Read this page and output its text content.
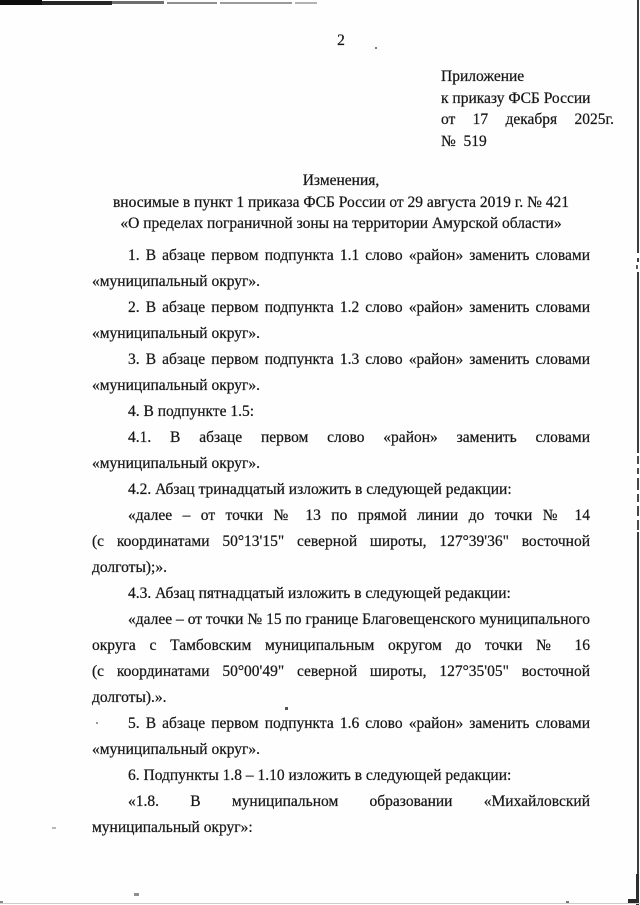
2
Приложение
к приказу ФСБ России
от 17 декабря 2025г.
№  519
Изменения,
вносимые в пункт 1 приказа ФСБ России от 29 августа 2019 г. № 421
«О пределах пограничной зоны на территории Амурской области»

1. В абзаце первом подпункта 1.1 слово «район» заменить словами «муниципальный округ».

2. В абзаце первом подпункта 1.2 слово «район» заменить словами «муниципальный округ».

3. В абзаце первом подпункта 1.3 слово «район» заменить словами «муниципальный округ».

4. В подпункте 1.5:

4.1. В абзаце первом слово «район» заменить словами «муниципальный округ».

4.2. Абзац тринадцатый изложить в следующей редакции:

«далее – от точки № 13 по прямой линии до точки № 14 (с координатами 50°13'15" северной широты, 127°39'36" восточной долготы);».

4.3. Абзац пятнадцатый изложить в следующей редакции:

«далее – от точки № 15 по границе Благовещенского муниципального округа с Тамбовским муниципальным округом до точки № 16 (с координатами 50°00'49" северной широты, 127°35'05" восточной долготы).».

5. В абзаце первом подпункта 1.6 слово «район» заменить словами «муниципальный округ».

6. Подпункты 1.8 – 1.10 изложить в следующей редакции:

«1.8. В муниципальном образовании «Михайловский муниципальный округ»:
